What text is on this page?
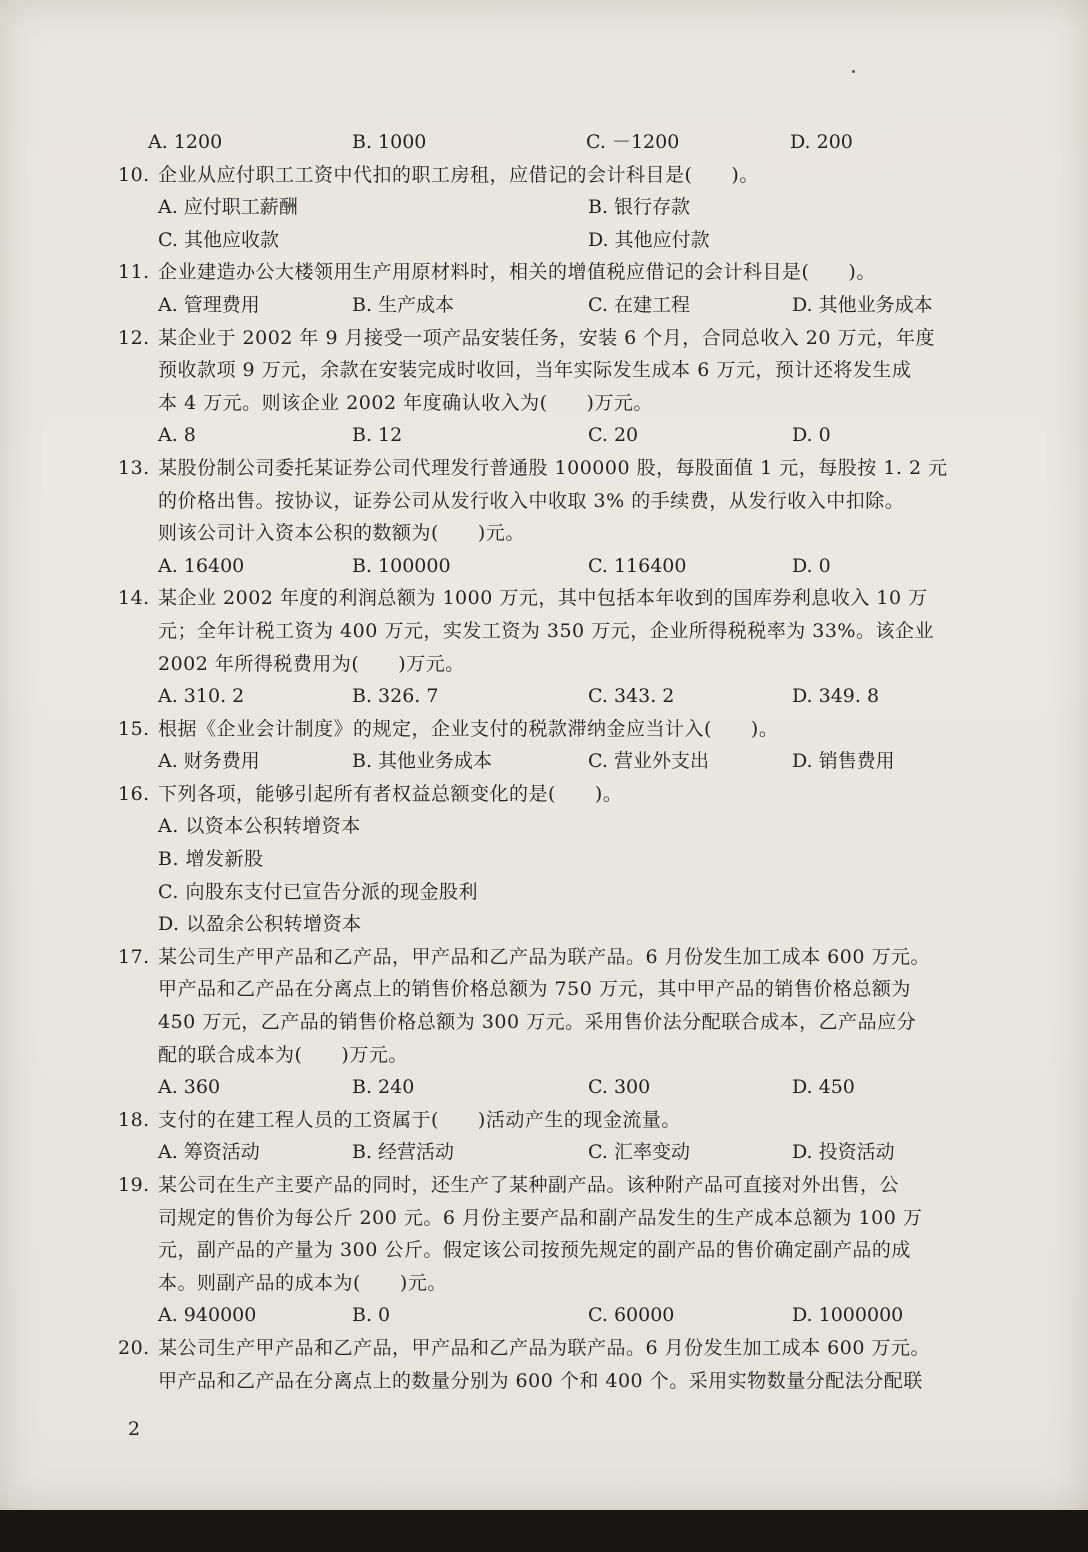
A. 1200	B. 1000	C. －1200	D. 200
10. 企业从应付职工工资中代扣的职工房租，应借记的会计科目是(　　)。
A. 应付职工薪酬	B. 银行存款
C. 其他应收款	D. 其他应付款
11. 企业建造办公大楼领用生产用原材料时，相关的增值税应借记的会计科目是(　　)。
A. 管理费用	B. 生产成本	C. 在建工程	D. 其他业务成本
12. 某企业于 2002 年 9 月接受一项产品安装任务，安装 6 个月，合同总收入 20 万元，年度
预收款项 9 万元，余款在安装完成时收回，当年实际发生成本 6 万元，预计还将发生成
本 4 万元。则该企业 2002 年度确认收入为(　　)万元。
A. 8	B. 12	C. 20	D. 0
13. 某股份制公司委托某证券公司代理发行普通股 100000 股，每股面值 1 元，每股按 1. 2 元
的价格出售。按协议，证券公司从发行收入中收取 3% 的手续费，从发行收入中扣除。
则该公司计入资本公积的数额为(　　)元。
A. 16400	B. 100000	C. 116400	D. 0
14. 某企业 2002 年度的利润总额为 1000 万元，其中包括本年收到的国库券利息收入 10 万
元；全年计税工资为 400 万元，实发工资为 350 万元，企业所得税税率为 33%。该企业
2002 年所得税费用为(　　)万元。
A. 310. 2	B. 326. 7	C. 343. 2	D. 349. 8
15. 根据《企业会计制度》的规定，企业支付的税款滞纳金应当计入(　　)。
A. 财务费用	B. 其他业务成本	C. 营业外支出	D. 销售费用
16. 下列各项，能够引起所有者权益总额变化的是(　　)。
A. 以资本公积转增资本
B. 增发新股
C. 向股东支付已宣告分派的现金股利
D. 以盈余公积转增资本
17. 某公司生产甲产品和乙产品，甲产品和乙产品为联产品。6 月份发生加工成本 600 万元。
甲产品和乙产品在分离点上的销售价格总额为 750 万元，其中甲产品的销售价格总额为
450 万元，乙产品的销售价格总额为 300 万元。采用售价法分配联合成本，乙产品应分
配的联合成本为(　　)万元。
A. 360	B. 240	C. 300	D. 450
18. 支付的在建工程人员的工资属于(　　)活动产生的现金流量。
A. 筹资活动	B. 经营活动	C. 汇率变动	D. 投资活动
19. 某公司在生产主要产品的同时，还生产了某种副产品。该种附产品可直接对外出售，公
司规定的售价为每公斤 200 元。6 月份主要产品和副产品发生的生产成本总额为 100 万
元，副产品的产量为 300 公斤。假定该公司按预先规定的副产品的售价确定副产品的成
本。则副产品的成本为(　　)元。
A. 940000	B. 0	C. 60000	D. 1000000
20. 某公司生产甲产品和乙产品，甲产品和乙产品为联产品。6 月份发生加工成本 600 万元。
甲产品和乙产品在分离点上的数量分别为 600 个和 400 个。采用实物数量分配法分配联
2
